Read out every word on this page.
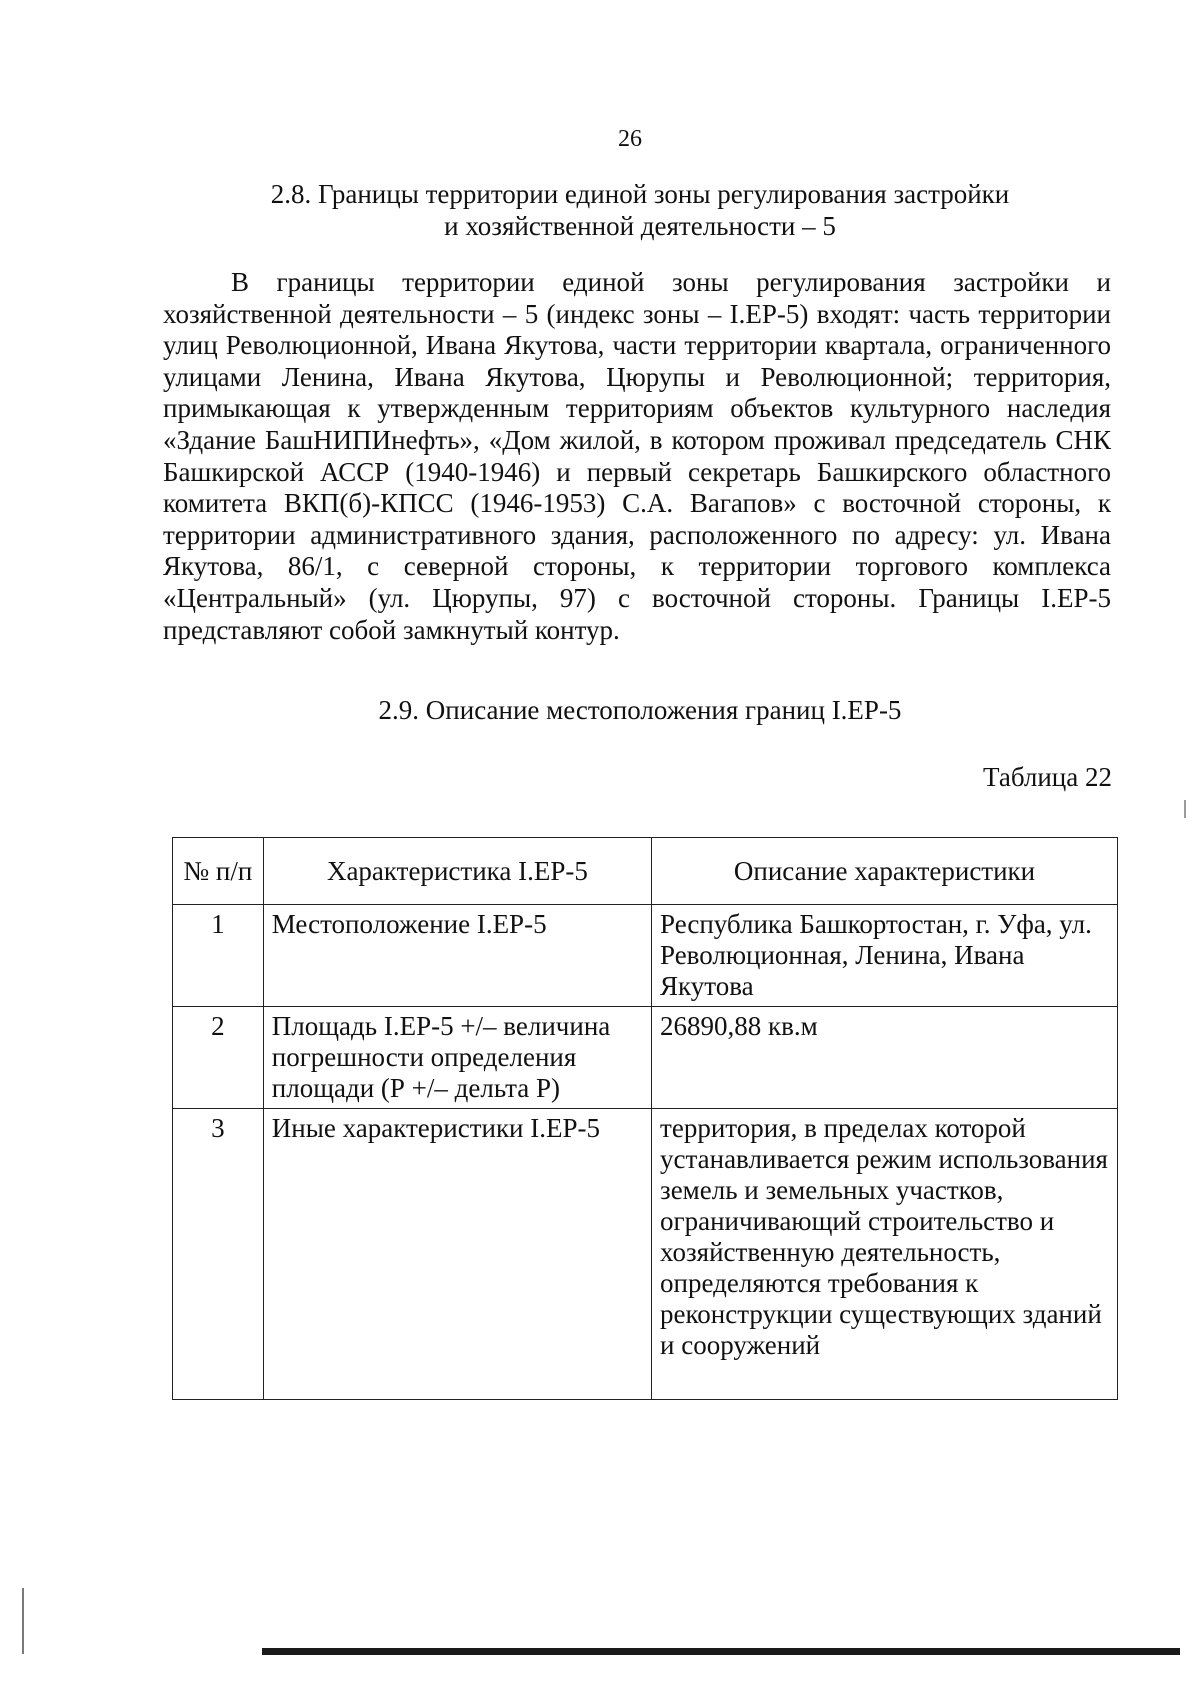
26
2.8. Границы территории единой зоны регулирования застройки
и хозяйственной деятельности – 5

В границы территории единой зоны регулирования застройки и хозяйственной деятельности – 5 (индекс зоны – I.ЕР-5) входят: часть территории улиц Революционной, Ивана Якутова, части территории квартала, ограниченного улицами Ленина, Ивана Якутова, Цюрупы и Революционной; территория, примыкающая к утвержденным территориям объектов культурного наследия «Здание БашНИПИнефть», «Дом жилой, в котором проживал председатель СНК Башкирской АССР (1940-1946) и первый секретарь Башкирского областного комитета ВКП(б)-КПСС (1946-1953) С.А. Вагапов» с восточной стороны, к территории административного здания, расположенного по адресу: ул. Ивана Якутова, 86/1, с северной стороны, к территории торгового комплекса «Центральный» (ул. Цюрупы, 97) с восточной стороны. Границы I.ЕР-5 представляют собой замкнутый контур.

2.9. Описание местоположения границ I.ЕР-5
Таблица 22
№ п/п	Характеристика I.ЕР-5	Описание характеристики
1	Местоположение I.ЕР-5	Республика Башкортостан, г. Уфа, ул. Революционная, Ленина, Ивана Якутова
2	Площадь I.ЕР-5 +/– величина погрешности определения площади (Р +/– дельта Р)	26890,88 кв.м
3	Иные характеристики I.ЕР-5	территория, в пределах которой устанавливается режим использования земель и земельных участков, ограничивающий строительство и хозяйственную деятельность, определяются требования к реконструкции существующих зданий и сооружений
